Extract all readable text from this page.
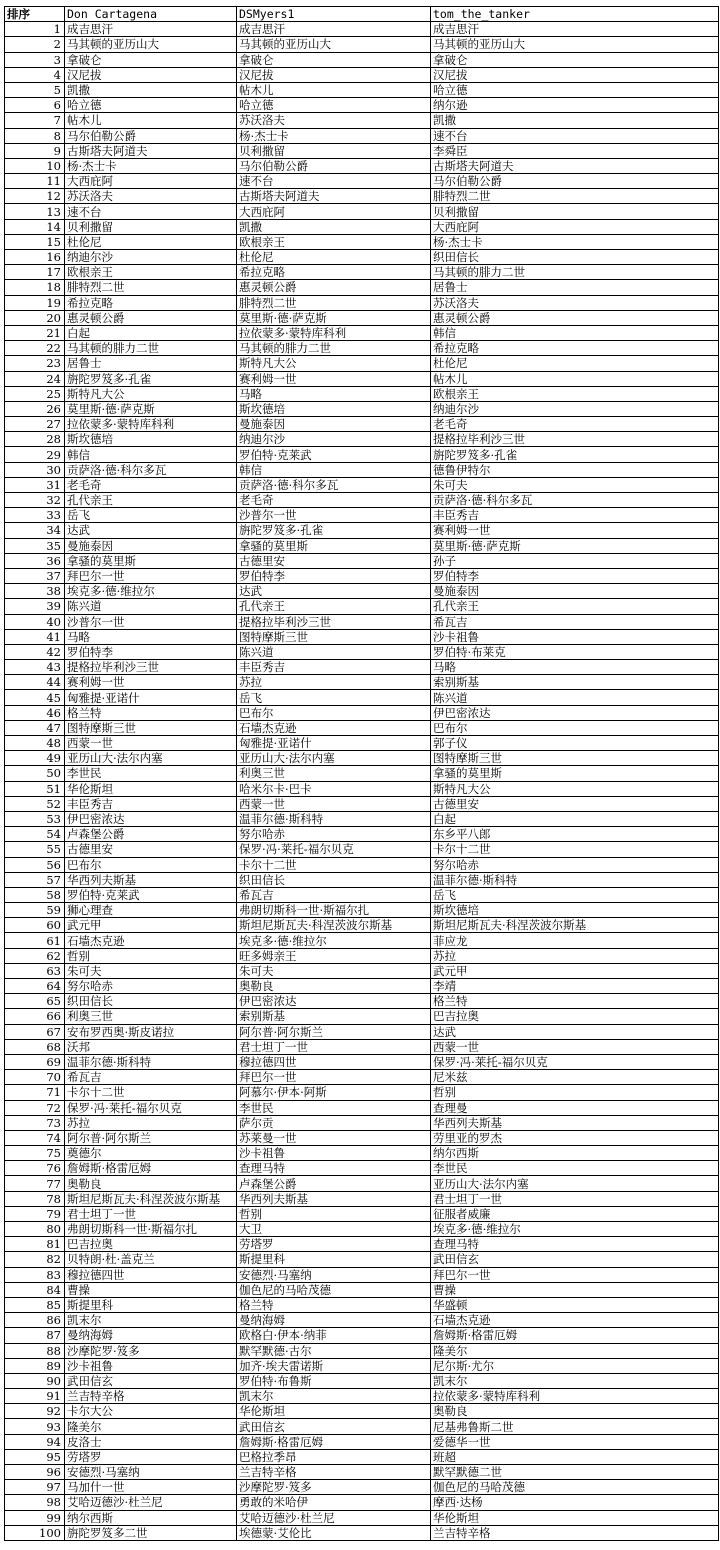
排序	Don Cartagena	DSMyers1	tom_the_tanker
1	成吉思汗	成吉思汗	成吉思汗
2	马其顿的亚历山大	马其顿的亚历山大	马其顿的亚历山大
3	拿破仑	拿破仑	拿破仑
4	汉尼拔	汉尼拔	汉尼拔
5	凯撒	帖木儿	哈立德
6	哈立德	哈立德	纳尔逊
7	帖木儿	苏沃洛夫	凯撒
8	马尔伯勒公爵	杨·杰士卡	速不台
9	古斯塔夫阿道夫	贝利撒留	李舜臣
10	杨·杰士卡	马尔伯勒公爵	古斯塔夫阿道夫
11	大西庇阿	速不台	马尔伯勒公爵
12	苏沃洛夫	古斯塔夫阿道夫	腓特烈二世
13	速不台	大西庇阿	贝利撒留
14	贝利撒留	凯撒	大西庇阿
15	杜伦尼	欧根亲王	杨·杰士卡
16	纳迪尔沙	杜伦尼	织田信长
17	欧根亲王	希拉克略	马其顿的腓力二世
18	腓特烈二世	惠灵顿公爵	居鲁士
19	希拉克略	腓特烈二世	苏沃洛夫
20	惠灵顿公爵	莫里斯·德·萨克斯	惠灵顿公爵
21	白起	拉依蒙多·蒙特库科利	韩信
22	马其顿的腓力二世	马其顿的腓力二世	希拉克略
23	居鲁士	斯特凡大公	杜伦尼
24	旃陀罗笈多·孔雀	赛利姆一世	帖木儿
25	斯特凡大公	马略	欧根亲王
26	莫里斯·德·萨克斯	斯坎德培	纳迪尔沙
27	拉依蒙多·蒙特库科利	曼施泰因	老毛奇
28	斯坎德培	纳迪尔沙	提格拉毕利沙三世
29	韩信	罗伯特·克莱武	旃陀罗笈多·孔雀
30	贡萨洛·德·科尔多瓦	韩信	德鲁伊特尔
31	老毛奇	贡萨洛·德·科尔多瓦	朱可夫
32	孔代亲王	老毛奇	贡萨洛·德·科尔多瓦
33	岳飞	沙普尔一世	丰臣秀吉
34	达武	旃陀罗笈多·孔雀	赛利姆一世
35	曼施泰因	拿骚的莫里斯	莫里斯·德·萨克斯
36	拿骚的莫里斯	古德里安	孙子
37	拜巴尔一世	罗伯特李	罗伯特李
38	埃克多·德·维拉尔	达武	曼施泰因
39	陈兴道	孔代亲王	孔代亲王
40	沙普尔一世	提格拉毕利沙三世	希瓦吉
41	马略	图特摩斯三世	沙卡祖鲁
42	罗伯特李	陈兴道	罗伯特·布莱克
43	提格拉毕利沙三世	丰臣秀吉	马略
44	赛利姆一世	苏拉	索别斯基
45	匈雅提·亚诺什	岳飞	陈兴道
46	格兰特	巴布尔	伊巴密浓达
47	图特摩斯三世	石墙杰克逊	巴布尔
48	西蒙一世	匈雅提·亚诺什	郭子仪
49	亚历山大·法尔内塞	亚历山大·法尔内塞	图特摩斯三世
50	李世民	利奥三世	拿骚的莫里斯
51	华伦斯坦	哈米尔卡·巴卡	斯特凡大公
52	丰臣秀吉	西蒙一世	古德里安
53	伊巴密浓达	温菲尔德·斯科特	白起
54	卢森堡公爵	努尔哈赤	东乡平八郎
55	古德里安	保罗·冯·莱托-福尔贝克	卡尔十二世
56	巴布尔	卡尔十二世	努尔哈赤
57	华西列夫斯基	织田信长	温菲尔德·斯科特
58	罗伯特·克莱武	希瓦吉	岳飞
59	狮心理查	弗朗切斯科一世·斯福尔扎	斯坎德培
60	武元甲	斯坦尼斯瓦夫·科涅茨波尔斯基	斯坦尼斯瓦夫·科涅茨波尔斯基
61	石墙杰克逊	埃克多·德·维拉尔	菲应龙
62	哲别	旺多姆亲王	苏拉
63	朱可夫	朱可夫	武元甲
64	努尔哈赤	奥勒良	李靖
65	织田信长	伊巴密浓达	格兰特
66	利奥三世	索别斯基	巴吉拉奥
67	安布罗西奥·斯皮诺拉	阿尔普·阿尔斯兰	达武
68	沃邦	君士坦丁一世	西蒙一世
69	温菲尔德·斯科特	穆拉德四世	保罗·冯·莱托-福尔贝克
70	希瓦吉	拜巴尔一世	尼米兹
71	卡尔十二世	阿慕尔·伊本·阿斯	哲别
72	保罗·冯·莱托-福尔贝克	李世民	查理曼
73	苏拉	萨尔贡	华西列夫斯基
74	阿尔普·阿尔斯兰	苏莱曼一世	劳里亚的罗杰
75	奠德尔	沙卡祖鲁	纳尔西斯
76	詹姆斯·格雷厄姆	查理马特	李世民
77	奥勒良	卢森堡公爵	亚历山大·法尔内塞
78	斯坦尼斯瓦夫·科涅茨波尔斯基	华西列夫斯基	君士坦丁一世
79	君士坦丁一世	哲别	征服者威廉
80	弗朗切斯科一世·斯福尔扎	大卫	埃克多·德·维拉尔
81	巴吉拉奥	劳塔罗	查理马特
82	贝特朗·杜·盖克兰	斯提里科	武田信玄
83	穆拉德四世	安德烈·马塞纳	拜巴尔一世
84	曹操	伽色尼的马哈茂德	曹操
85	斯提里科	格兰特	华盛顿
86	凯末尔	曼纳海姆	石墙杰克逊
87	曼纳海姆	欧格白·伊本·纳菲	詹姆斯·格雷厄姆
88	沙摩陀罗·笈多	默罕默德·古尔	隆美尔
89	沙卡祖鲁	加齐·埃夫雷诺斯	尼尔斯·尤尔
90	武田信玄	罗伯特·布鲁斯	凯末尔
91	兰吉特辛格	凯末尔	拉依蒙多·蒙特库科利
92	卡尔大公	华伦斯坦	奥勒良
93	隆美尔	武田信玄	尼基弗鲁斯二世
94	皮洛士	詹姆斯·格雷厄姆	爱德华一世
95	劳塔罗	巴格拉季昂	班超
96	安德烈·马塞纳	兰吉特辛格	默罕默德二世
97	马加什一世	沙摩陀罗·笈多	伽色尼的马哈茂德
98	艾哈迈德沙·杜兰尼	勇敢的米哈伊	摩西·达杨
99	纳尔西斯	艾哈迈德沙·杜兰尼	华伦斯坦
100	旃陀罗笈多二世	埃德蒙·艾伦比	兰吉特辛格
